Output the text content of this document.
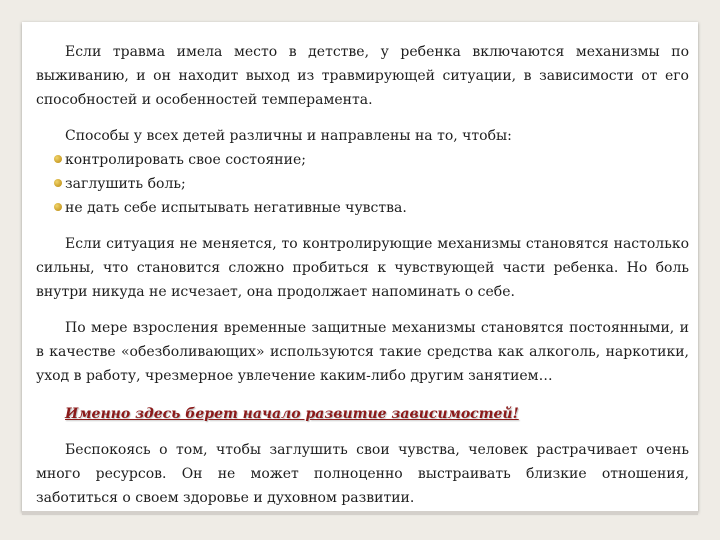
Если травма имела место в детстве, у ребенка включаются механизмы по выживанию, и он находит выход из травмирующей ситуации, в зависимости от его способностей и особенностей темперамента.

Способы у всех детей различны и направлены на то, чтобы:

контролировать свое состояние;
заглушить боль;
не дать себе испытывать негативные чувства.

Если ситуация не меняется, то контролирующие механизмы становятся настолько сильны, что становится сложно пробиться к чувствующей части ребенка. Но боль внутри никуда не исчезает, она продолжает напоминать о себе.

По мере взросления временные защитные механизмы становятся постоянными, и в качестве «обезболивающих» используются такие средства как алкоголь, наркотики, уход в работу, чрезмерное увлечение каким-либо другим занятием…

Именно здесь берет начало развитие зависимостей!

Беспокоясь о том, чтобы заглушить свои чувства, человек растрачивает очень много ресурсов. Он не может полноценно выстраивать близкие отношения, заботиться о своем здоровье и духовном развитии.
